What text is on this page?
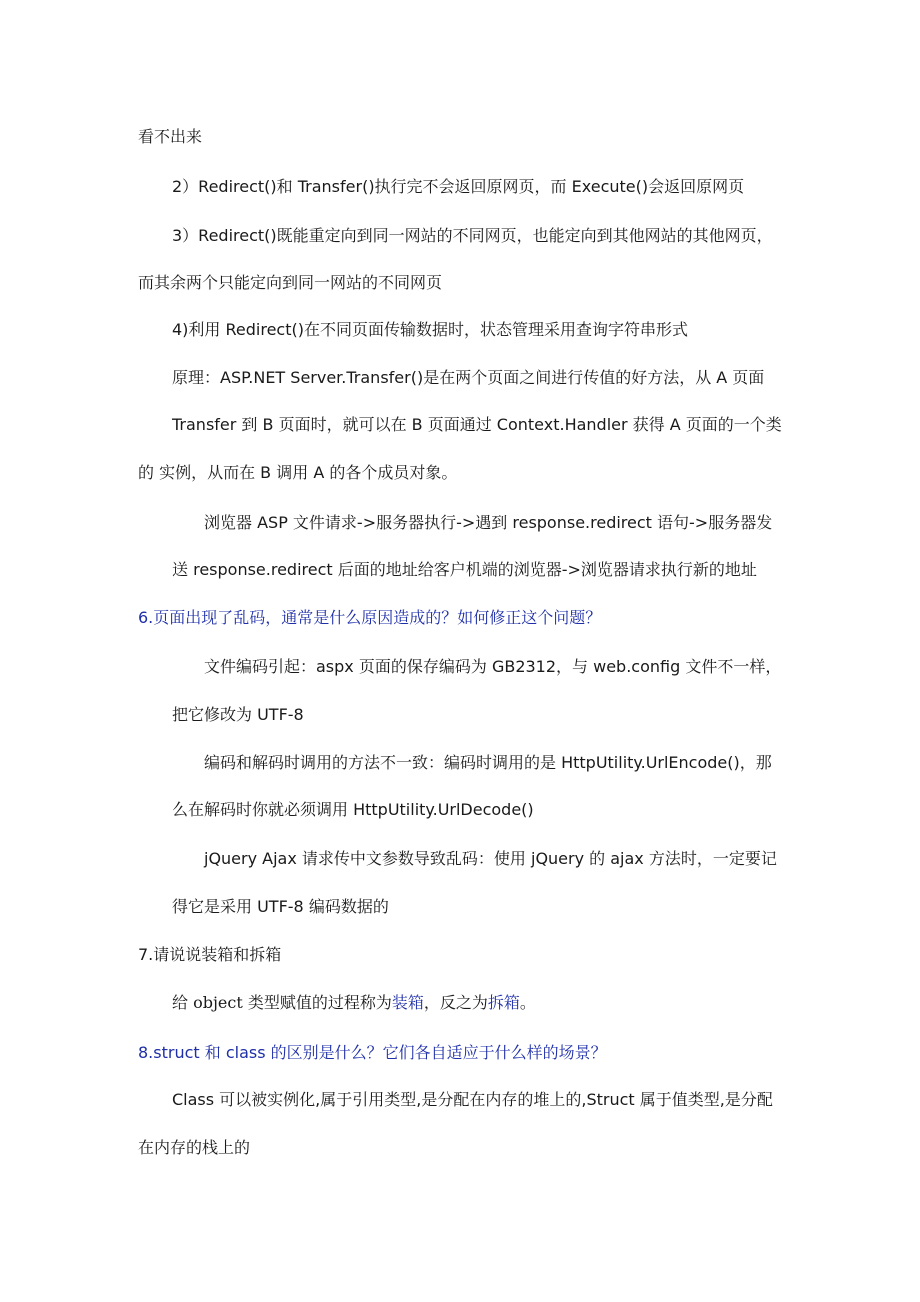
看不出来
2）Redirect()和 Transfer()执行完不会返回原网页，而 Execute()会返回原网页
3）Redirect()既能重定向到同一网站的不同网页，也能定向到其他网站的其他网页，
而其余两个只能定向到同一网站的不同网页
4)利用 Redirect()在不同页面传输数据时，状态管理采用查询字符串形式
原理：ASP.NET Server.Transfer()是在两个页面之间进行传值的好方法，从 A 页面
Transfer 到 B 页面时，就可以在 B 页面通过 Context.Handler 获得 A 页面的一个类
的 实例，从而在 B 调用 A 的各个成员对象。
浏览器 ASP 文件请求->服务器执行->遇到 response.redirect 语句->服务器发
送 response.redirect 后面的地址给客户机端的浏览器->浏览器请求执行新的地址
6.页面出现了乱码，通常是什么原因造成的？如何修正这个问题？
文件编码引起：aspx 页面的保存编码为 GB2312，与 web.config 文件不一样，
把它修改为 UTF-8
编码和解码时调用的方法不一致：编码时调用的是 HttpUtility.UrlEncode()，那
么在解码时你就必须调用 HttpUtility.UrlDecode()
jQuery Ajax 请求传中文参数导致乱码：使用 jQuery 的 ajax 方法时，一定要记
得它是采用 UTF-8 编码数据的
7.请说说装箱和拆箱
给 object 类型赋值的过程称为装箱，反之为拆箱。
8.struct 和 class 的区别是什么？它们各自适应于什么样的场景？
Class 可以被实例化,属于引用类型,是分配在内存的堆上的,Struct 属于值类型,是分配
在内存的栈上的
